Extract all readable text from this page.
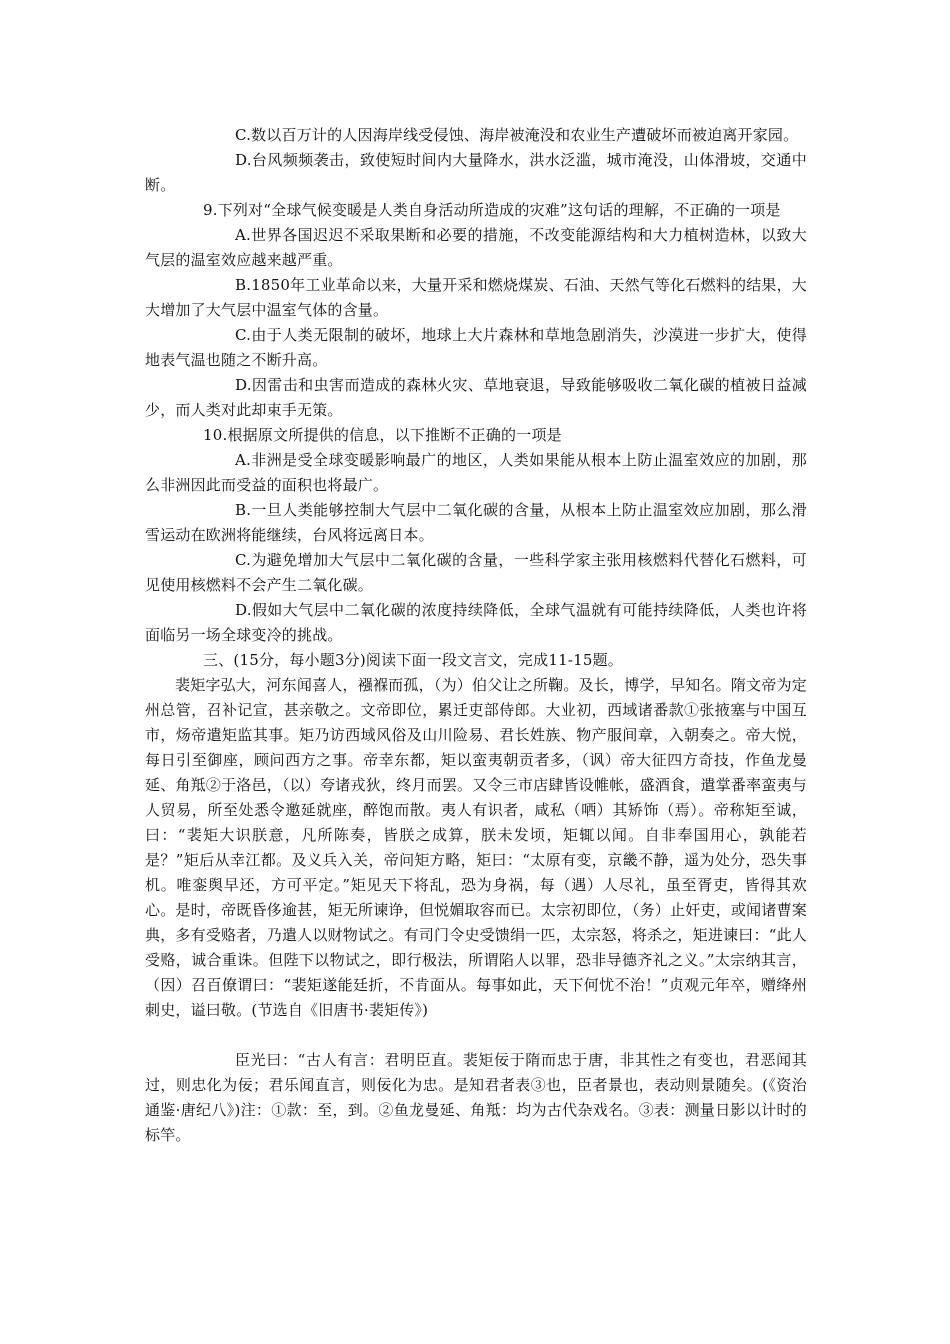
C.数以百万计的人因海岸线受侵蚀、海岸被淹没和农业生产遭破坏而被迫离开家园。

D.台风频频袭击，致使短时间内大量降水，洪水泛滥，城市淹没，山体滑坡，交通中断。

9.下列对“全球气候变暖是人类自身活动所造成的灾难”这句话的理解，不正确的一项是

A.世界各国迟迟不采取果断和必要的措施，不改变能源结构和大力植树造林，以致大气层的温室效应越来越严重。

B.1850年工业革命以来，大量开采和燃烧煤炭、石油、天然气等化石燃料的结果，大大增加了大气层中温室气体的含量。

C.由于人类无限制的破坏，地球上大片森林和草地急剧消失，沙漠进一步扩大，使得地表气温也随之不断升高。

D.因雷击和虫害而造成的森林火灾、草地衰退，导致能够吸收二氧化碳的植被日益减少，而人类对此却束手无策。

10.根据原文所提供的信息，以下推断不正确的一项是

A.非洲是受全球变暖影响最广的地区，人类如果能从根本上防止温室效应的加剧，那么非洲因此而受益的面积也将最广。

B.一旦人类能够控制大气层中二氧化碳的含量，从根本上防止温室效应加剧，那么滑雪运动在欧洲将能继续，台风将远离日本。

C.为避免增加大气层中二氧化碳的含量，一些科学家主张用核燃料代替化石燃料，可见使用核燃料不会产生二氧化碳。

D.假如大气层中二氧化碳的浓度持续降低，全球气温就有可能持续降低，人类也许将面临另一场全球变冷的挑战。

三、(15分，每小题3分)阅读下面一段文言文，完成11-15题。

裴矩字弘大，河东闻喜人，襁褓而孤，（为）伯父让之所鞠。及长，博学，早知名。隋文帝为定州总管，召补记宣，甚亲敬之。文帝即位，累迁吏部侍郎。大业初，西域诸番款①张掖塞与中国互市，炀帝遣矩监其事。矩乃访西域风俗及山川险易、君长姓族、物产服间章，入朝奏之。帝大悦，每日引至御座，顾问西方之事。帝幸东都，矩以蛮夷朝贡者多，（讽）帝大征四方奇技，作鱼龙曼延、角羝②于洛邑，（以）夸诸戎狄，终月而罢。又令三市店肆皆设帷帐，盛酒食，遣掌番率蛮夷与人贸易，所至处悉令邀延就座，醉饱而散。夷人有识者，咸私（哂）其矫饰（焉）。帝称矩至诚，曰：“裴矩大识朕意，凡所陈奏，皆朕之成算，朕未发顷，矩辄以闻。自非奉国用心，孰能若是？”矩后从幸江都。及义兵入关，帝问矩方略，矩曰：“太原有变，京畿不静，遥为处分，恐失事机。唯銮舆早还，方可平定。”矩见天下将乱，恐为身祸，每（遇）人尽礼，虽至胥吏，皆得其欢心。是时，帝既昏侈逾甚，矩无所谏诤，但悦媚取容而已。太宗初即位，（务）止奸吏，或闻诸曹案典，多有受赂者，乃遣人以财物试之。有司门令史受馈绢一匹，太宗怒，将杀之，矩进谏曰：“此人受赂，诚合重诛。但陛下以物试之，即行极法，所谓陷人以罪，恐非导德齐礼之义。”太宗纳其言，（因）召百僚谓曰：“裴矩遂能廷折，不肯面从。每事如此，天下何忧不治！”贞观元年卒，赠绛州刺史，谥曰敬。(节选自《旧唐书·裴矩传》)

臣光曰：“古人有言：君明臣直。裴矩佞于隋而忠于唐，非其性之有变也，君恶闻其过，则忠化为佞；君乐闻直言，则佞化为忠。是知君者表③也，臣者景也，表动则景随矣。(《资治通鉴·唐纪八》)注：①款：至，到。②鱼龙曼延、角羝：均为古代杂戏名。③表：测量日影以计时的标竿。
